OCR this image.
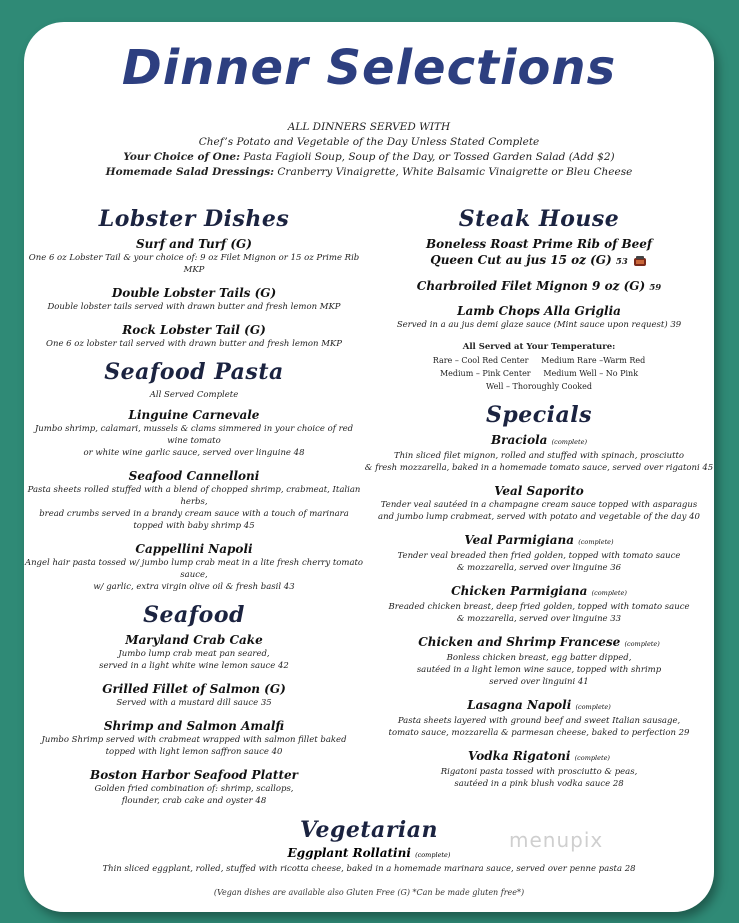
Dinner Selections
ALL DINNERS SERVED WITH
Chef’s Potato and Vegetable of the Day Unless Stated Complete
Your Choice of One: Pasta Fagioli Soup, Soup of the Day, or Tossed Garden Salad (Add $2)
Homemade Salad Dressings: Cranberry Vinaigrette, White Balsamic Vinaigrette or Bleu Cheese
Lobster Dishes
Surf and Turf (G)
One 6 oz Lobster Tail & your choice of: 9 oz Filet Mignon or 15 oz Prime Rib MKP
Double Lobster Tails (G)
Double lobster tails served with drawn butter and fresh lemon MKP
Rock Lobster Tail (G)
One 6 oz lobster tail served with drawn butter and fresh lemon MKP
Seafood Pasta
All Served Complete
Linguine Carnevale
Jumbo shrimp, calamari, mussels & clams simmered in your choice of red wine tomato
or white wine garlic sauce, served over linguine 48
Seafood Cannelloni
Pasta sheets rolled stuffed with a blend of chopped shrimp, crabmeat, Italian herbs,
bread crumbs served in a brandy cream sauce with a touch of marinara
topped with baby shrimp 45
Cappellini Napoli
Angel hair pasta tossed w/ jumbo lump crab meat in a lite fresh cherry tomato sauce,
w/ garlic, extra virgin olive oil & fresh basil 43
Seafood
Maryland Crab Cake
Jumbo lump crab meat pan seared,
served in a light white wine lemon sauce 42
Grilled Fillet of Salmon (G)
Served with a mustard dill sauce 35
Shrimp and Salmon Amalfi
Jumbo Shrimp served with crabmeat wrapped with salmon fillet baked
topped with light lemon saffron sauce 40
Boston Harbor Seafood Platter
Golden fried combination of: shrimp, scallops,
flounder, crab cake and oyster 48
Steak House
Boneless Roast Prime Rib of Beef
Queen Cut au jus 15 oz (G) 53
Charbroiled Filet Mignon 9 oz (G) 59
Lamb Chops Alla Griglia
Served in a au jus demi glaze sauce (Mint sauce upon request) 39
All Served at Your Temperature:
Rare – Cool Red Center     Medium Rare –Warm Red
Medium – Pink Center     Medium Well – No Pink
Well – Thoroughly Cooked
Specials
Braciola (complete)
Thin sliced filet mignon, rolled and stuffed with spinach, prosciutto
& fresh mozzarella, baked in a homemade tomato sauce, served over rigatoni 45
Veal Saporito
Tender veal sautéed in a champagne cream sauce topped with asparagus
and jumbo lump crabmeat, served with potato and vegetable of the day 40
Veal Parmigiana (complete)
Tender veal breaded then fried golden, topped with tomato sauce
& mozzarella, served over linguine 36
Chicken Parmigiana (complete)
Breaded chicken breast, deep fried golden, topped with tomato sauce
& mozzarella, served over linguine 33
Chicken and Shrimp Francese (complete)
Bonless chicken breast, egg batter dipped,
sautéed in a light lemon wine sauce, topped with shrimp
served over linguini 41
Lasagna Napoli (complete)
Pasta sheets layered with ground beef and sweet Italian sausage,
tomato sauce, mozzarella & parmesan cheese, baked to perfection 29
Vodka Rigatoni (complete)
Rigatoni pasta tossed with prosciutto & peas,
sautéed in a pink blush vodka sauce 28
Vegetarian
Eggplant Rollatini (complete)
Thin sliced eggplant, rolled, stuffed with ricotta cheese, baked in a homemade marinara sauce, served over penne pasta 28
menupix
(Vegan dishes are available also Gluten Free (G) *Can be made gluten free*)
